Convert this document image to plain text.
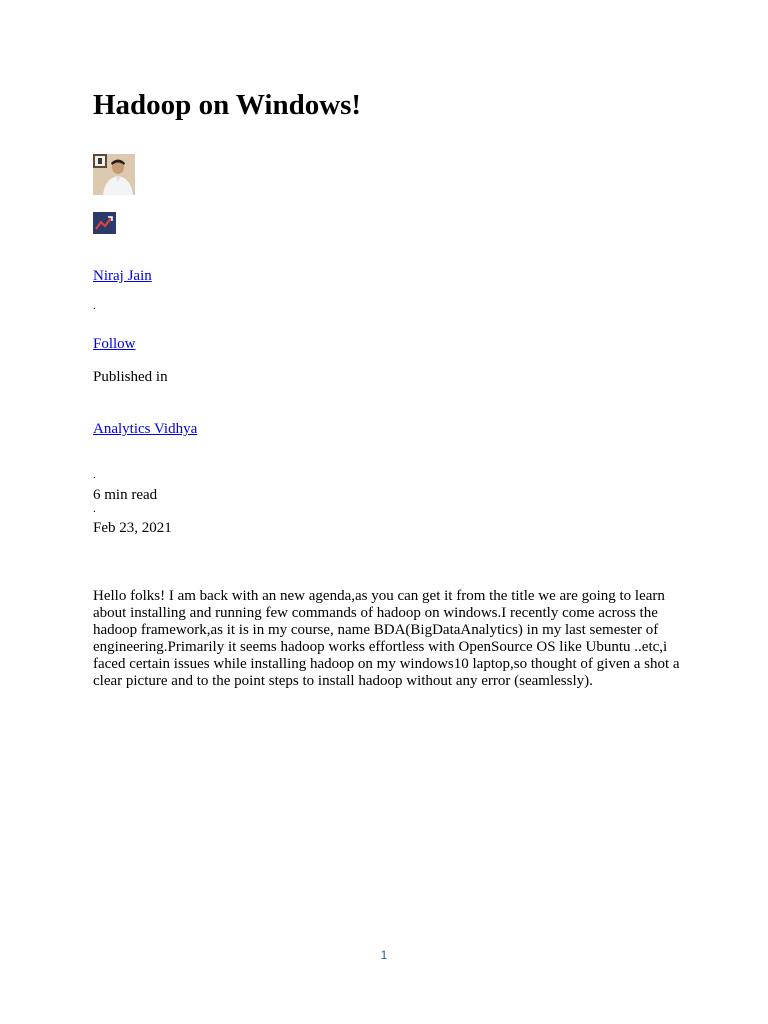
Hadoop on Windows!
Niraj Jain
.
Follow
Published in
Analytics Vidhya
.
6 min read
.
Feb 23, 2021

Hello folks! I am back with an new agenda,as you can get it from the title we are going to learn about installing and running few commands of hadoop on windows.I recently come across the hadoop framework,as it is in my course, name BDA(BigDataAnalytics) in my last semester of engineering.Primarily it seems hadoop works effortless with OpenSource OS like Ubuntu ..etc,i faced certain issues while installing hadoop on my windows10 laptop,so thought of given a shot a clear picture and to the point steps to install hadoop without any error (seamlessly).

1
